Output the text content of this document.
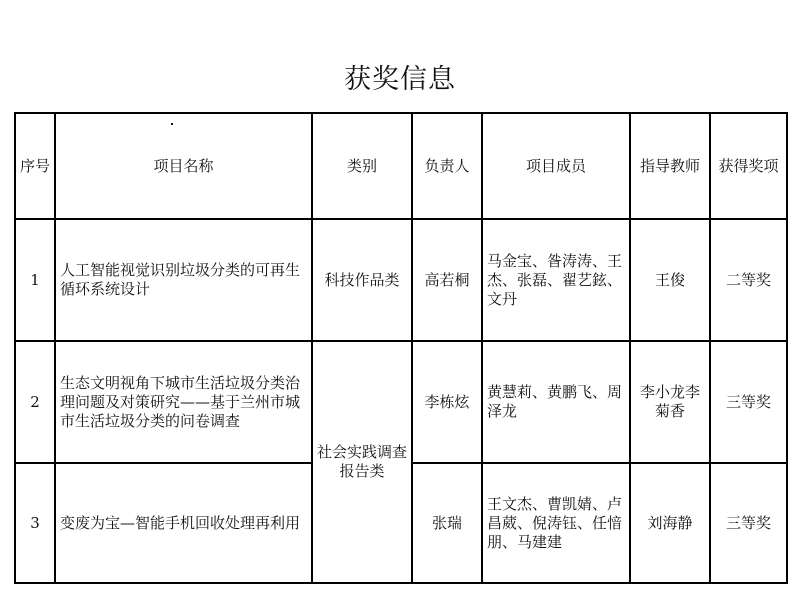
获奖信息
序号	项目名称	类别	负责人	项目成员	指导教师	获得奖项
1	人工智能视觉识别垃圾分类的可再生循环系统设计	科技作品类	高若桐	马金宝、昝涛涛、王杰、张磊、翟艺鉉、文丹	王俊	二等奖
2	生态文明视角下城市生活垃圾分类治理问题及对策研究——基于兰州市城市生活垃圾分类的问卷调查	社会实践调查报告类	李栋炫	黄慧莉、黄鹏飞、周泽龙	李小龙李菊香	三等奖
3	变废为宝—智能手机回收处理再利用		张瑞	王文杰、曹凯婧、卢昌葳、倪涛钰、任愔朋、马建建	刘海静	三等奖
